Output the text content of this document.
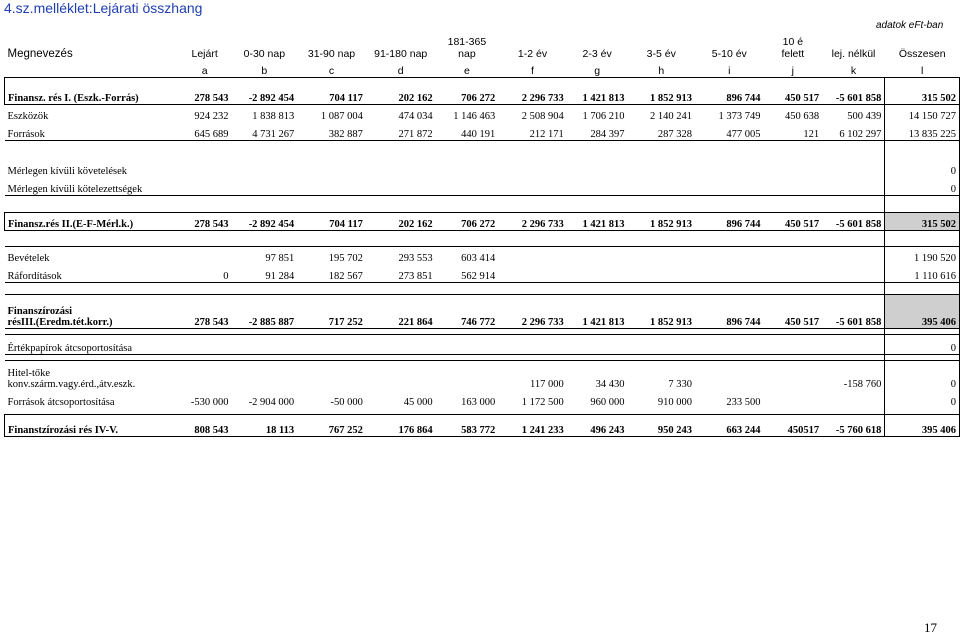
4.sz.melléklet:Lejárati összhang
adatok eFt-ban
Megnevezés	Lejárt	0-30 nap	31-90 nap	91-180 nap	181-365 nap	1-2 év	2-3 év	3-5 év	5-10 év	10 é felett	lej. nélkül	Összesen
	a	b	c	d	e	f	g	h	i	j	k	l
Finansz. rés I. (Eszk.-Forrás)	278 543	-2 892 454	704 117	202 162	706 272	2 296 733	1 421 813	1 852 913	896 744	450 517	-5 601 858	315 502
Eszközök	924 232	1 838 813	1 087 004	474 034	1 146 463	2 508 904	1 706 210	2 140 241	1 373 749	450 638	500 439	14 150 727
Források	645 689	4 731 267	382 887	271 872	440 191	212 171	284 397	287 328	477 005	121	6 102 297	13 835 225

Mérlegen kívüli követelések												0
Mérlegen kívüli kötelezettségek												0

Finansz.rés II.(E-F-Mérl.k.)	278 543	-2 892 454	704 117	202 162	706 272	2 296 733	1 421 813	1 852 913	896 744	450 517	-5 601 858	315 502

Bevételek		97 851	195 702	293 553	603 414							1 190 520
Ráfordítások	0	91 284	182 567	273 851	562 914							1 110 616

Finanszírozási
résIII.(Eredm.tét.korr.)	278 543	-2 885 887	717 252	221 864	746 772	2 296 733	1 421 813	1 852 913	896 744	450 517	-5 601 858	395 406

Értékpapírok átcsoportosítása												0

Hitel-tőke
konv.szárm.vagy.érd.,átv.eszk.						117 000	34 430	7 330			-158 760	0
Források átcsoportosítása	-530 000	-2 904 000	-50 000	45 000	163 000	1 172 500	960 000	910 000	233 500			0

Finanstzírozási rés IV-V.	808 543	18 113	767 252	176 864	583 772	1 241 233	496 243	950 243	663 244	450517	-5 760 618	395 406
17
